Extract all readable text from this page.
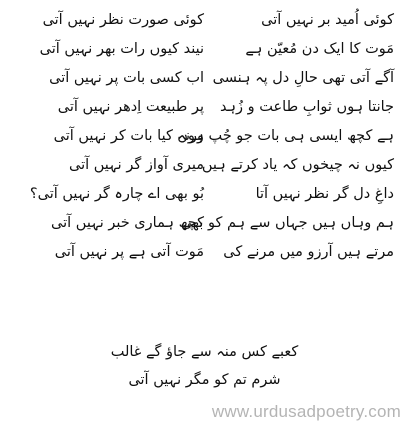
کوئی اُمید بر نہیں آتی
کوئی صورت نظر نہیں آتی
مَوت کا ایک دن مُعیّن ہے
نیند کیوں رات بھر نہیں آتی
آگے آتی تھی حالِ دل پہ ہنسی
اب کسی بات پر نہیں آتی
جانتا ہوں ثوابِ طاعت و زُہد
پر طبیعت اِدھر نہیں آتی
ہے کچھ ایسی ہی بات جو چُپ ہوں
ورنہ کیا بات کر نہیں آتی
کیوں نہ چیخوں کہ یاد کرتے ہیں
میری آواز گر نہیں آتی
داغِ دل گر نظر نہیں آتا
بُو بھی اے چارہ گر نہیں آتی؟
ہم وہاں ہیں جہاں سے ہم کو بھی
کچھ ہماری خبر نہیں آتی
مرتے ہیں آرزو میں مرنے کی
مَوت آتی ہے پر نہیں آتی
کعبے کس منہ سے جاؤ گے غالب
شرم تم کو مگر نہیں آتی
www.urdusadpoetry.com
